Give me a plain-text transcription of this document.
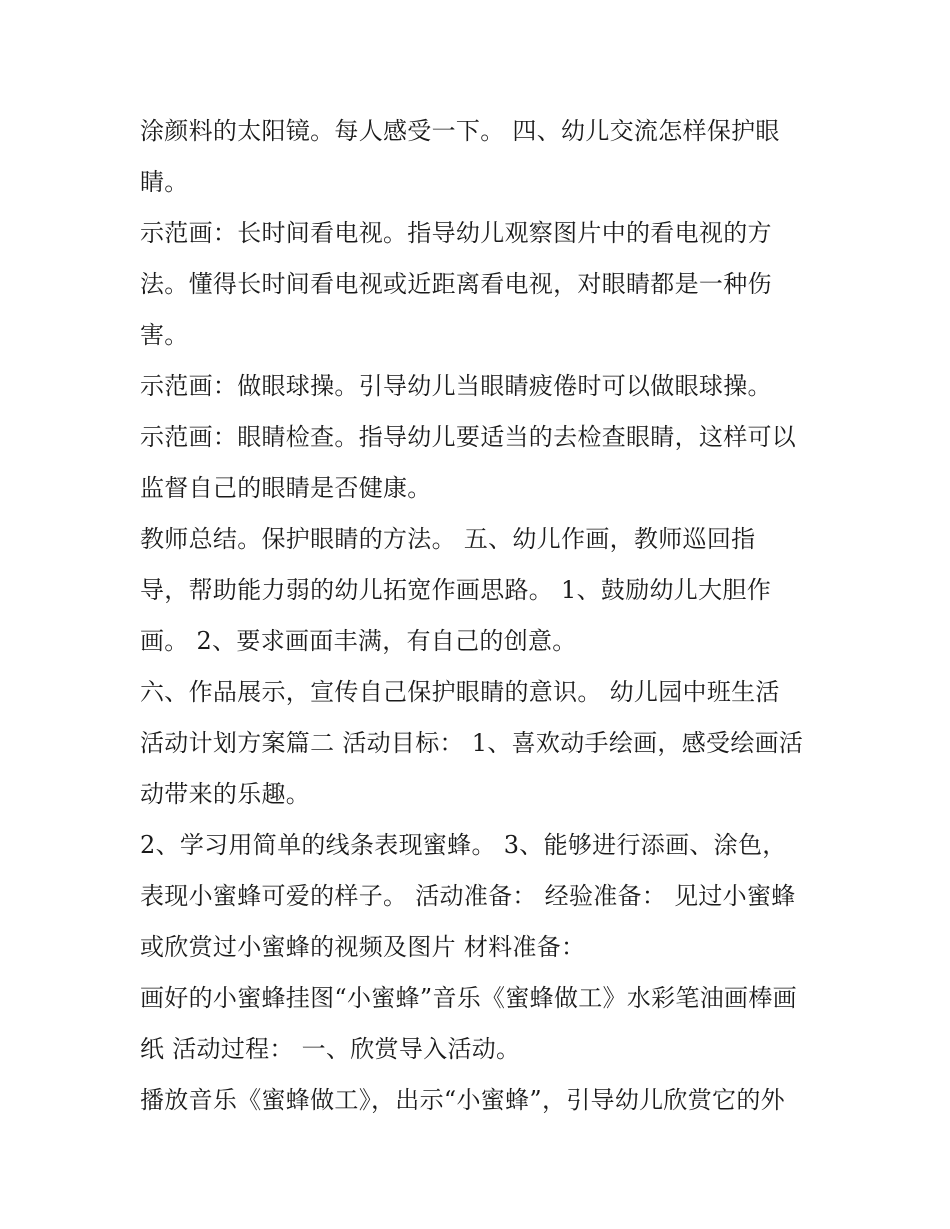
涂颜料的太阳镜。每人感受一下。 四、幼儿交流怎样保护眼
睛。
示范画：长时间看电视。指导幼儿观察图片中的看电视的方
法。懂得长时间看电视或近距离看电视，对眼睛都是一种伤
害。
示范画：做眼球操。引导幼儿当眼睛疲倦时可以做眼球操。
示范画：眼睛检查。指导幼儿要适当的去检查眼睛，这样可以
监督自己的眼睛是否健康。
教师总结。保护眼睛的方法。 五、幼儿作画，教师巡回指
导，帮助能力弱的幼儿拓宽作画思路。 1、鼓励幼儿大胆作
画。 2、要求画面丰满，有自己的创意。
六、作品展示，宣传自己保护眼睛的意识。 幼儿园中班生活
活动计划方案篇二 活动目标： 1、喜欢动手绘画，感受绘画活
动带来的乐趣。
2、学习用简单的线条表现蜜蜂。 3、能够进行添画、涂色，
表现小蜜蜂可爱的样子。 活动准备： 经验准备： 见过小蜜蜂
或欣赏过小蜜蜂的视频及图片 材料准备：
画好的小蜜蜂挂图“小蜜蜂”音乐《蜜蜂做工》水彩笔油画棒画
纸 活动过程： 一、欣赏导入活动。
播放音乐《蜜蜂做工》，出示“小蜜蜂”，引导幼儿欣赏它的外
